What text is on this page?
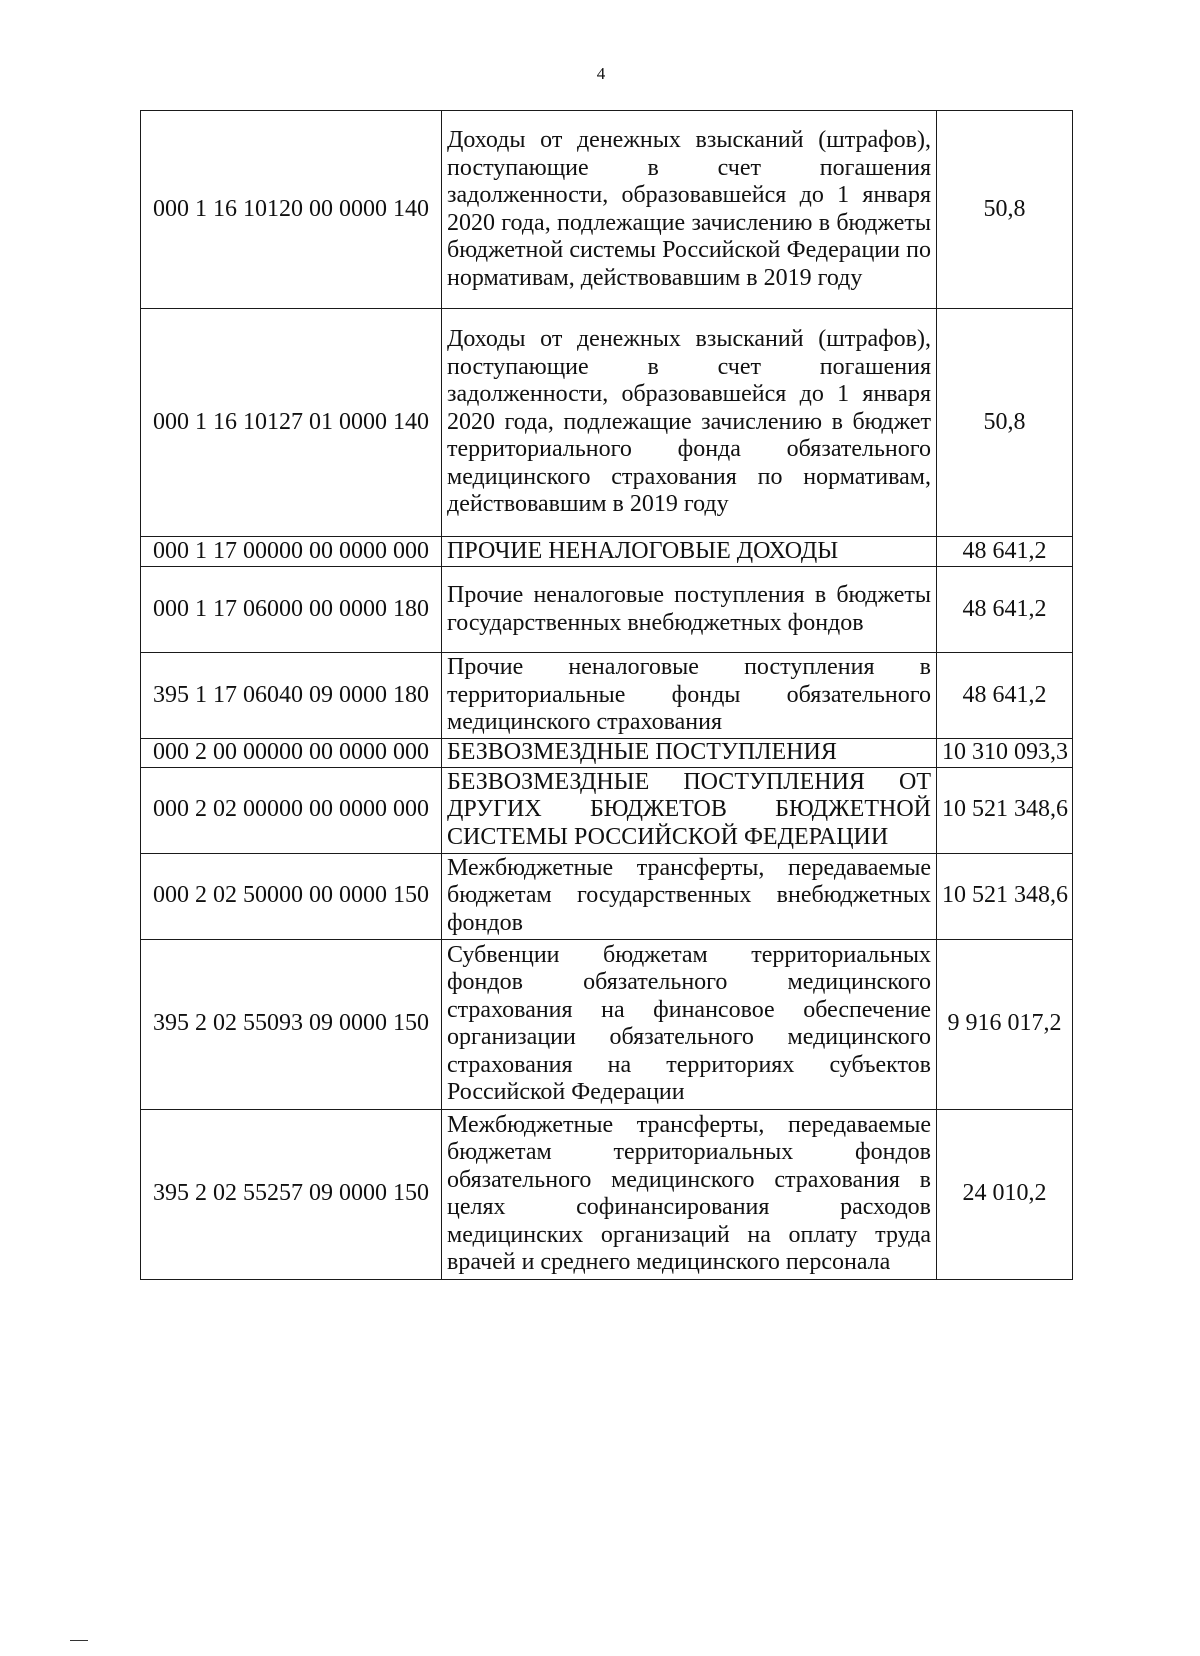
4
000 1 16 10120 00 0000 140	Доходы от денежных взысканий (штрафов), поступающие в счет погашения задолженности, образовавшейся до 1 января 2020 года, подлежащие зачислению в бюджеты бюджетной системы Российской Федерации по нормативам, действовавшим в 2019 году	50,8
000 1 16 10127 01 0000 140	Доходы от денежных взысканий (штрафов), поступающие в счет погашения задолженности, образовавшейся до 1 января 2020 года, подлежащие зачислению в бюджет территориального фонда обязательного медицинского страхования по нормативам, действовавшим в 2019 году	50,8
000 1 17 00000 00 0000 000	ПРОЧИЕ НЕНАЛОГОВЫЕ ДОХОДЫ	48 641,2
000 1 17 06000 00 0000 180	Прочие неналоговые поступления в бюджеты государственных внебюджетных фондов	48 641,2
395 1 17 06040 09 0000 180	Прочие неналоговые поступления в территориальные фонды обязательного медицинского страхования	48 641,2
000 2 00 00000 00 0000 000	БЕЗВОЗМЕЗДНЫЕ ПОСТУПЛЕНИЯ	10 310 093,3
000 2 02 00000 00 0000 000	БЕЗВОЗМЕЗДНЫЕ ПОСТУПЛЕНИЯ ОТ ДРУГИХ БЮДЖЕТОВ БЮДЖЕТНОЙ СИСТЕМЫ РОССИЙСКОЙ ФЕДЕРАЦИИ	10 521 348,6
000 2 02 50000 00 0000 150	Межбюджетные трансферты, передаваемые бюджетам государственных внебюджетных фондов	10 521 348,6
395 2 02 55093 09 0000 150	Субвенции бюджетам территориальных фондов обязательного медицинского страхования на финансовое обеспечение организации обязательного медицинского страхования на территориях субъектов Российской Федерации	9 916 017,2
395 2 02 55257 09 0000 150	Межбюджетные трансферты, передаваемые бюджетам территориальных фондов обязательного медицинского страхования в целях софинансирования расходов медицинских организаций на оплату труда врачей и среднего медицинского персонала	24 010,2
